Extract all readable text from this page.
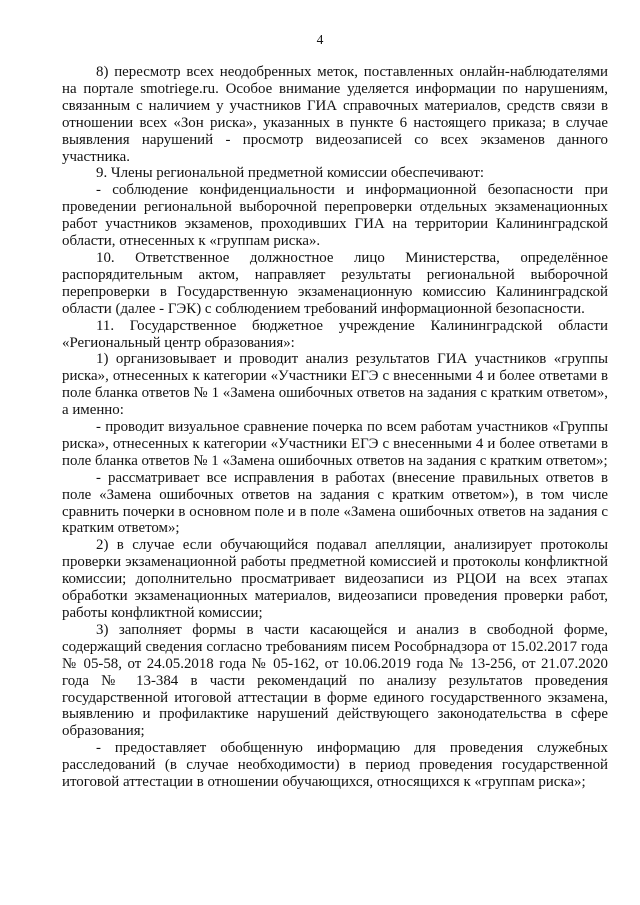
4

8) пересмотр всех неодобренных меток, поставленных онлайн-наблюдателями на портале smotriege.ru. Особое внимание уделяется информации по нарушениям, связанным с наличием у участников ГИА справочных материалов, средств связи в отношении всех «Зон риска», указанных в пункте 6 настоящего приказа; в случае выявления нарушений - просмотр видеозаписей со всех экзаменов данного участника.

9. Члены региональной предметной комиссии обеспечивают:

- соблюдение конфиденциальности и информационной безопасности при проведении региональной выборочной перепроверки отдельных экзаменационных работ участников экзаменов, проходивших ГИА на территории Калининградской области, отнесенных к «группам риска».

10. Ответственное должностное лицо Министерства, определённое распорядительным актом, направляет результаты региональной выборочной перепроверки в Государственную экзаменационную комиссию Калининградской области (далее - ГЭК) с соблюдением требований информационной безопасности.

11. Государственное бюджетное учреждение Калининградской области «Региональный центр образования»:

1) организовывает и проводит анализ результатов ГИА участников «группы риска», отнесенных к категории «Участники ЕГЭ с внесенными 4 и более ответами в поле бланка ответов № 1 «Замена ошибочных ответов на задания с кратким ответом», а именно:

- проводит визуальное сравнение почерка по всем работам участников «Группы риска», отнесенных к категории «Участники ЕГЭ с внесенными 4 и более ответами в поле бланка ответов № 1 «Замена ошибочных ответов на задания с кратким ответом»;

- рассматривает все исправления в работах (внесение правильных ответов в поле «Замена ошибочных ответов на задания с кратким ответом»), в том числе сравнить почерки в основном поле и в поле «Замена ошибочных ответов на задания с кратким ответом»;

2) в случае если обучающийся подавал апелляции, анализирует протоколы проверки экзаменационной работы предметной комиссией и протоколы конфликтной комиссии; дополнительно просматривает видеозаписи из РЦОИ на всех этапах обработки экзаменационных материалов, видеозаписи проведения проверки работ, работы конфликтной комиссии;

3) заполняет формы в части касающейся и анализ в свободной форме, содержащий сведения согласно требованиям писем Рособрнадзора от 15.02.2017 года № 05-58, от 24.05.2018 года № 05-162, от 10.06.2019 года № 13-256, от 21.07.2020 года № 13-384 в части рекомендаций по анализу результатов проведения государственной итоговой аттестации в форме единого государственного экзамена, выявлению и профилактике нарушений действующего законодательства в сфере образования;

- предоставляет обобщенную информацию для проведения служебных расследований (в случае необходимости) в период проведения государственной итоговой аттестации в отношении обучающихся, относящихся к «группам риска»;
